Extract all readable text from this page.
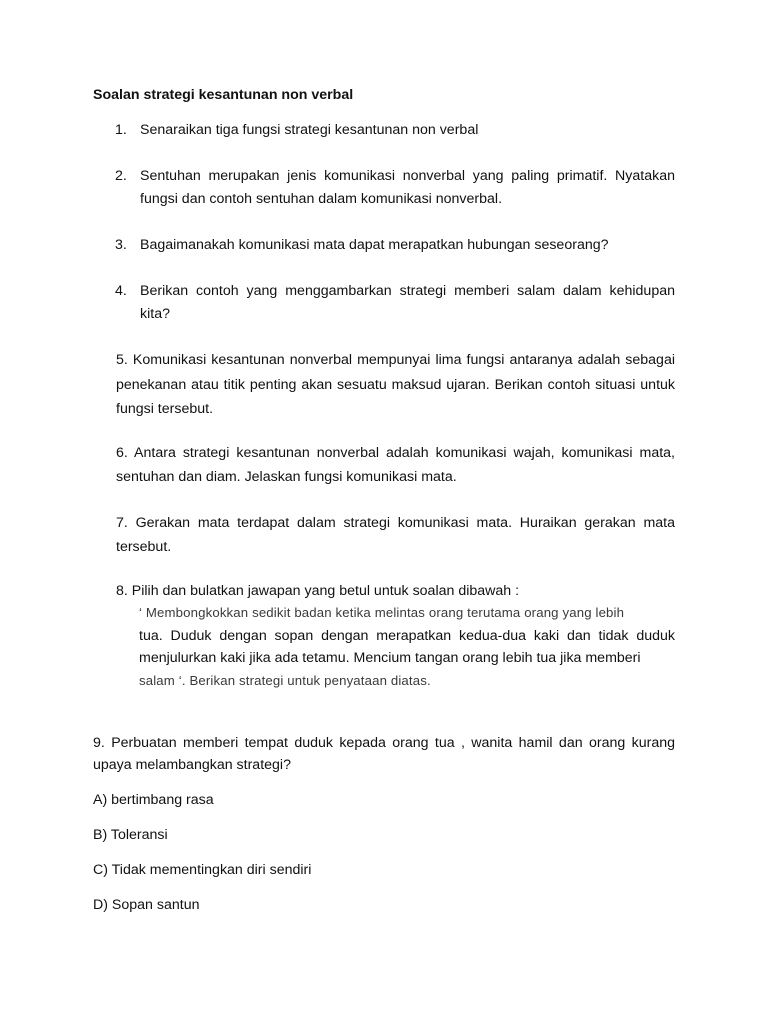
Soalan strategi kesantunan non verbal

1. Senaraikan tiga fungsi strategi kesantunan non verbal

2. Sentuhan merupakan jenis komunikasi nonverbal yang paling primatif. Nyatakan fungsi dan contoh sentuhan dalam komunikasi nonverbal.

3. Bagaimanakah komunikasi mata dapat merapatkan hubungan seseorang?

4. Berikan contoh yang menggambarkan strategi memberi salam dalam kehidupan kita?

5. Komunikasi kesantunan nonverbal mempunyai lima fungsi antaranya adalah sebagai penekanan atau titik penting akan sesuatu maksud ujaran. Berikan contoh situasi untuk fungsi tersebut.

6. Antara strategi kesantunan nonverbal adalah komunikasi wajah, komunikasi mata, sentuhan dan diam. Jelaskan fungsi komunikasi mata.

7. Gerakan mata terdapat dalam strategi komunikasi mata. Huraikan gerakan mata tersebut.

8. Pilih dan bulatkan jawapan yang betul untuk soalan dibawah :

‘ Membongkokkan sedikit badan ketika melintas orang terutama orang yang lebih
tua. Duduk dengan sopan dengan merapatkan kedua-dua kaki dan tidak duduk menjulurkan kaki jika ada tetamu. Mencium tangan orang lebih tua jika memberi
salam ‘. Berikan strategi untuk penyataan diatas.

9. Perbuatan memberi tempat duduk kepada orang tua , wanita hamil dan orang kurang upaya melambangkan strategi?

A) bertimbang rasa

B) Toleransi

C) Tidak mementingkan diri sendiri

D) Sopan santun
